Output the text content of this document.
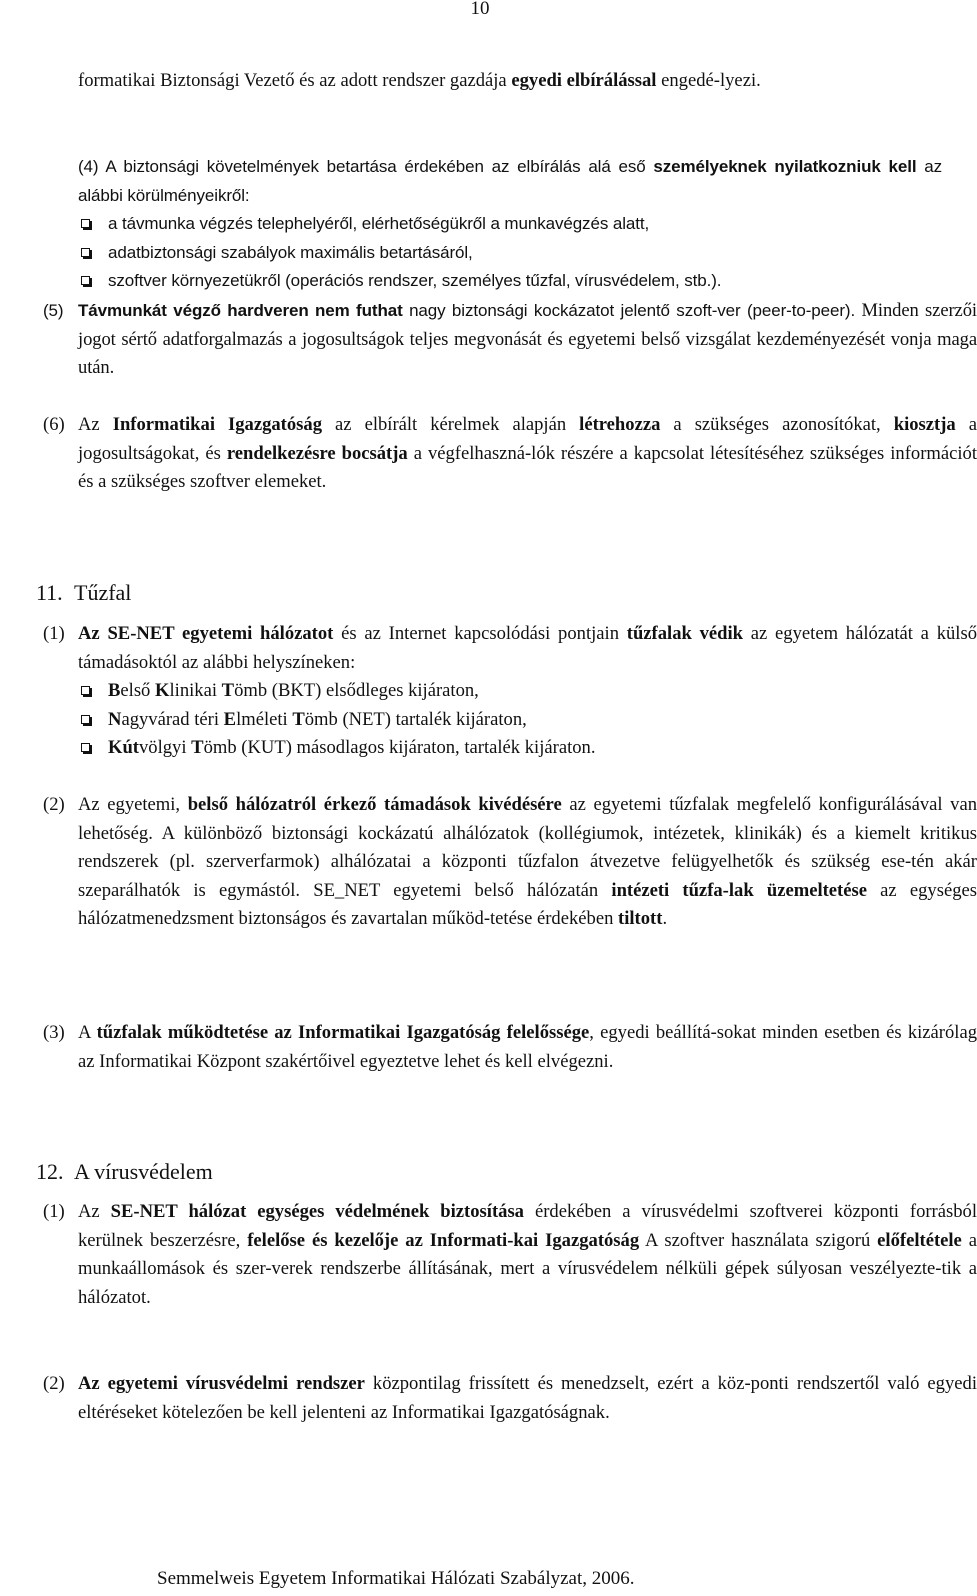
10

formatikai Biztonsági Vezető és az adott rendszer gazdája egyedi elbírálással engedé-lyezi.

(4) A biztonsági követelmények betartása érdekében az elbírálás alá eső személyeknek nyilatkozniuk kell az alábbi körülményeikről:

a távmunka végzés telephelyéről, elérhetőségükről a munkavégzés alatt,
adatbiztonsági szabályok maximális betartásáról,
szoftver környezetükről (operációs rendszer, személyes tűzfal, vírusvédelem, stb.).

(5) Távmunkát végző hardveren nem futhat nagy biztonsági kockázatot jelentő szoft-ver (peer-to-peer). Minden szerzői jogot sértő adatforgalmazás a jogosultságok teljes megvonását és egyetemi belső vizsgálat kezdeményezését vonja maga után.

(6) Az Informatikai Igazgatóság az elbírált kérelmek alapján létrehozza a szükséges azonosítókat, kiosztja a jogosultságokat, és rendelkezésre bocsátja a végfelhaszná-lók részére a kapcsolat létesítéséhez szükséges információt és a szükséges szoftver elemeket.

11. Tűzfal

(1) Az SE-NET egyetemi hálózatot és az Internet kapcsolódási pontjain tűzfalak védik az egyetem hálózatát a külső támadásoktól az alábbi helyszíneken:

Belső Klinikai Tömb (BKT) elsődleges kijáraton,
Nagyvárad téri Elméleti Tömb (NET) tartalék kijáraton,
Kútvölgyi Tömb (KUT) másodlagos kijáraton, tartalék kijáraton.

(2) Az egyetemi, belső hálózatról érkező támadások kivédésére az egyetemi tűzfalak megfelelő konfigurálásával van lehetőség. A különböző biztonsági kockázatú alhálózatok (kollégiumok, intézetek, klinikák) és a kiemelt kritikus rendszerek (pl. szerverfarmok) alhálózatai a központi tűzfalon átvezetve felügyelhetők és szükség ese-tén akár szeparálhatók is egymástól. SE_NET egyetemi belső hálózatán intézeti tűzfa-lak üzemeltetése az egységes hálózatmenedzsment biztonságos és zavartalan működ-tetése érdekében tiltott.

(3) A tűzfalak működtetése az Informatikai Igazgatóság felelőssége, egyedi beállítá-sokat minden esetben és kizárólag az Informatikai Központ szakértőivel egyeztetve lehet és kell elvégezni.

12. A vírusvédelem

(1) Az SE-NET hálózat egységes védelmének biztosítása érdekében a vírusvédelmi szoftverei központi forrásból kerülnek beszerzésre, felelőse és kezelője az Informati-kai Igazgatóság A szoftver használata szigorú előfeltétele a munkaállomások és szer-verek rendszerbe állításának, mert a vírusvédelem nélküli gépek súlyosan veszélyezte-tik a hálózatot.

(2) Az egyetemi vírusvédelmi rendszer központilag frissített és menedzselt, ezért a köz-ponti rendszertől való egyedi eltéréseket kötelezően be kell jelenteni az Informatikai Igazgatóságnak.

Semmelweis Egyetem Informatikai Hálózati Szabályzat, 2006.
